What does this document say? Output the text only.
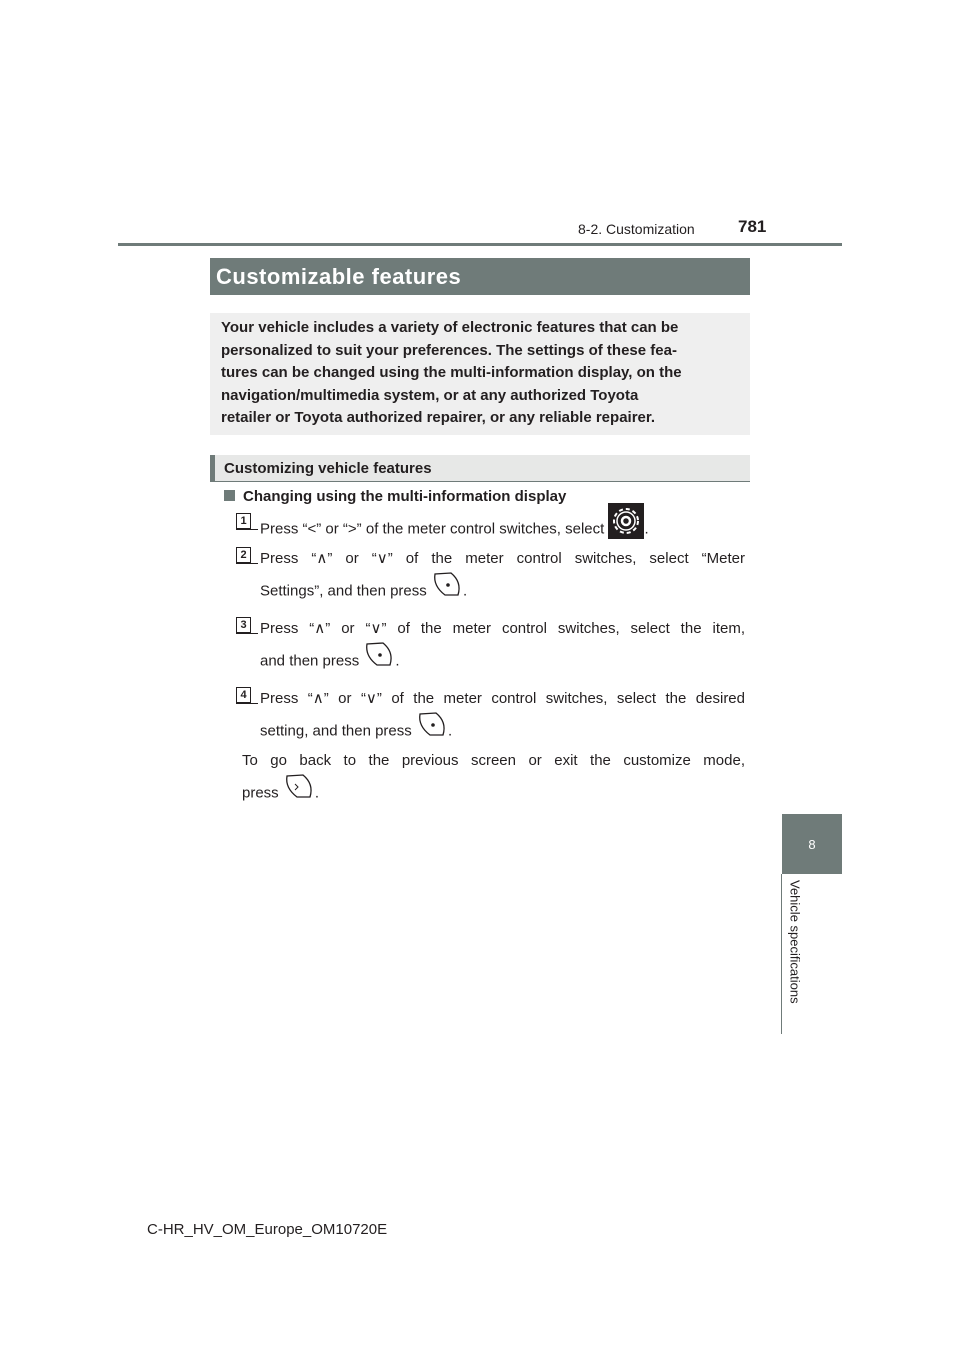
8-2. Customization	781
8
Vehicle specifications
Customizable features
Your vehicle includes a variety of electronic features that can be
personalized to suit your preferences. The settings of these fea-
tures can be changed using the multi-information display, on the
navigation/multimedia system, or at any authorized Toyota
retailer or Toyota authorized repairer, or any reliable repairer.
Customizing vehicle features
Changing using the multi-information display
1 Press “<” or “>” of the meter control switches, select	.
2 Press “∧” or “∨” of the meter control switches, select “Meter
Settings”, and then press .
3 Press “∧” or “∨” of the meter control switches, select the item,
and then press .
4 Press “∧” or “∨” of the meter control switches, select the desired
setting, and then press .
To go back to the previous screen or exit the customize mode,
press .
C-HR_HV_OM_Europe_OM10720E
